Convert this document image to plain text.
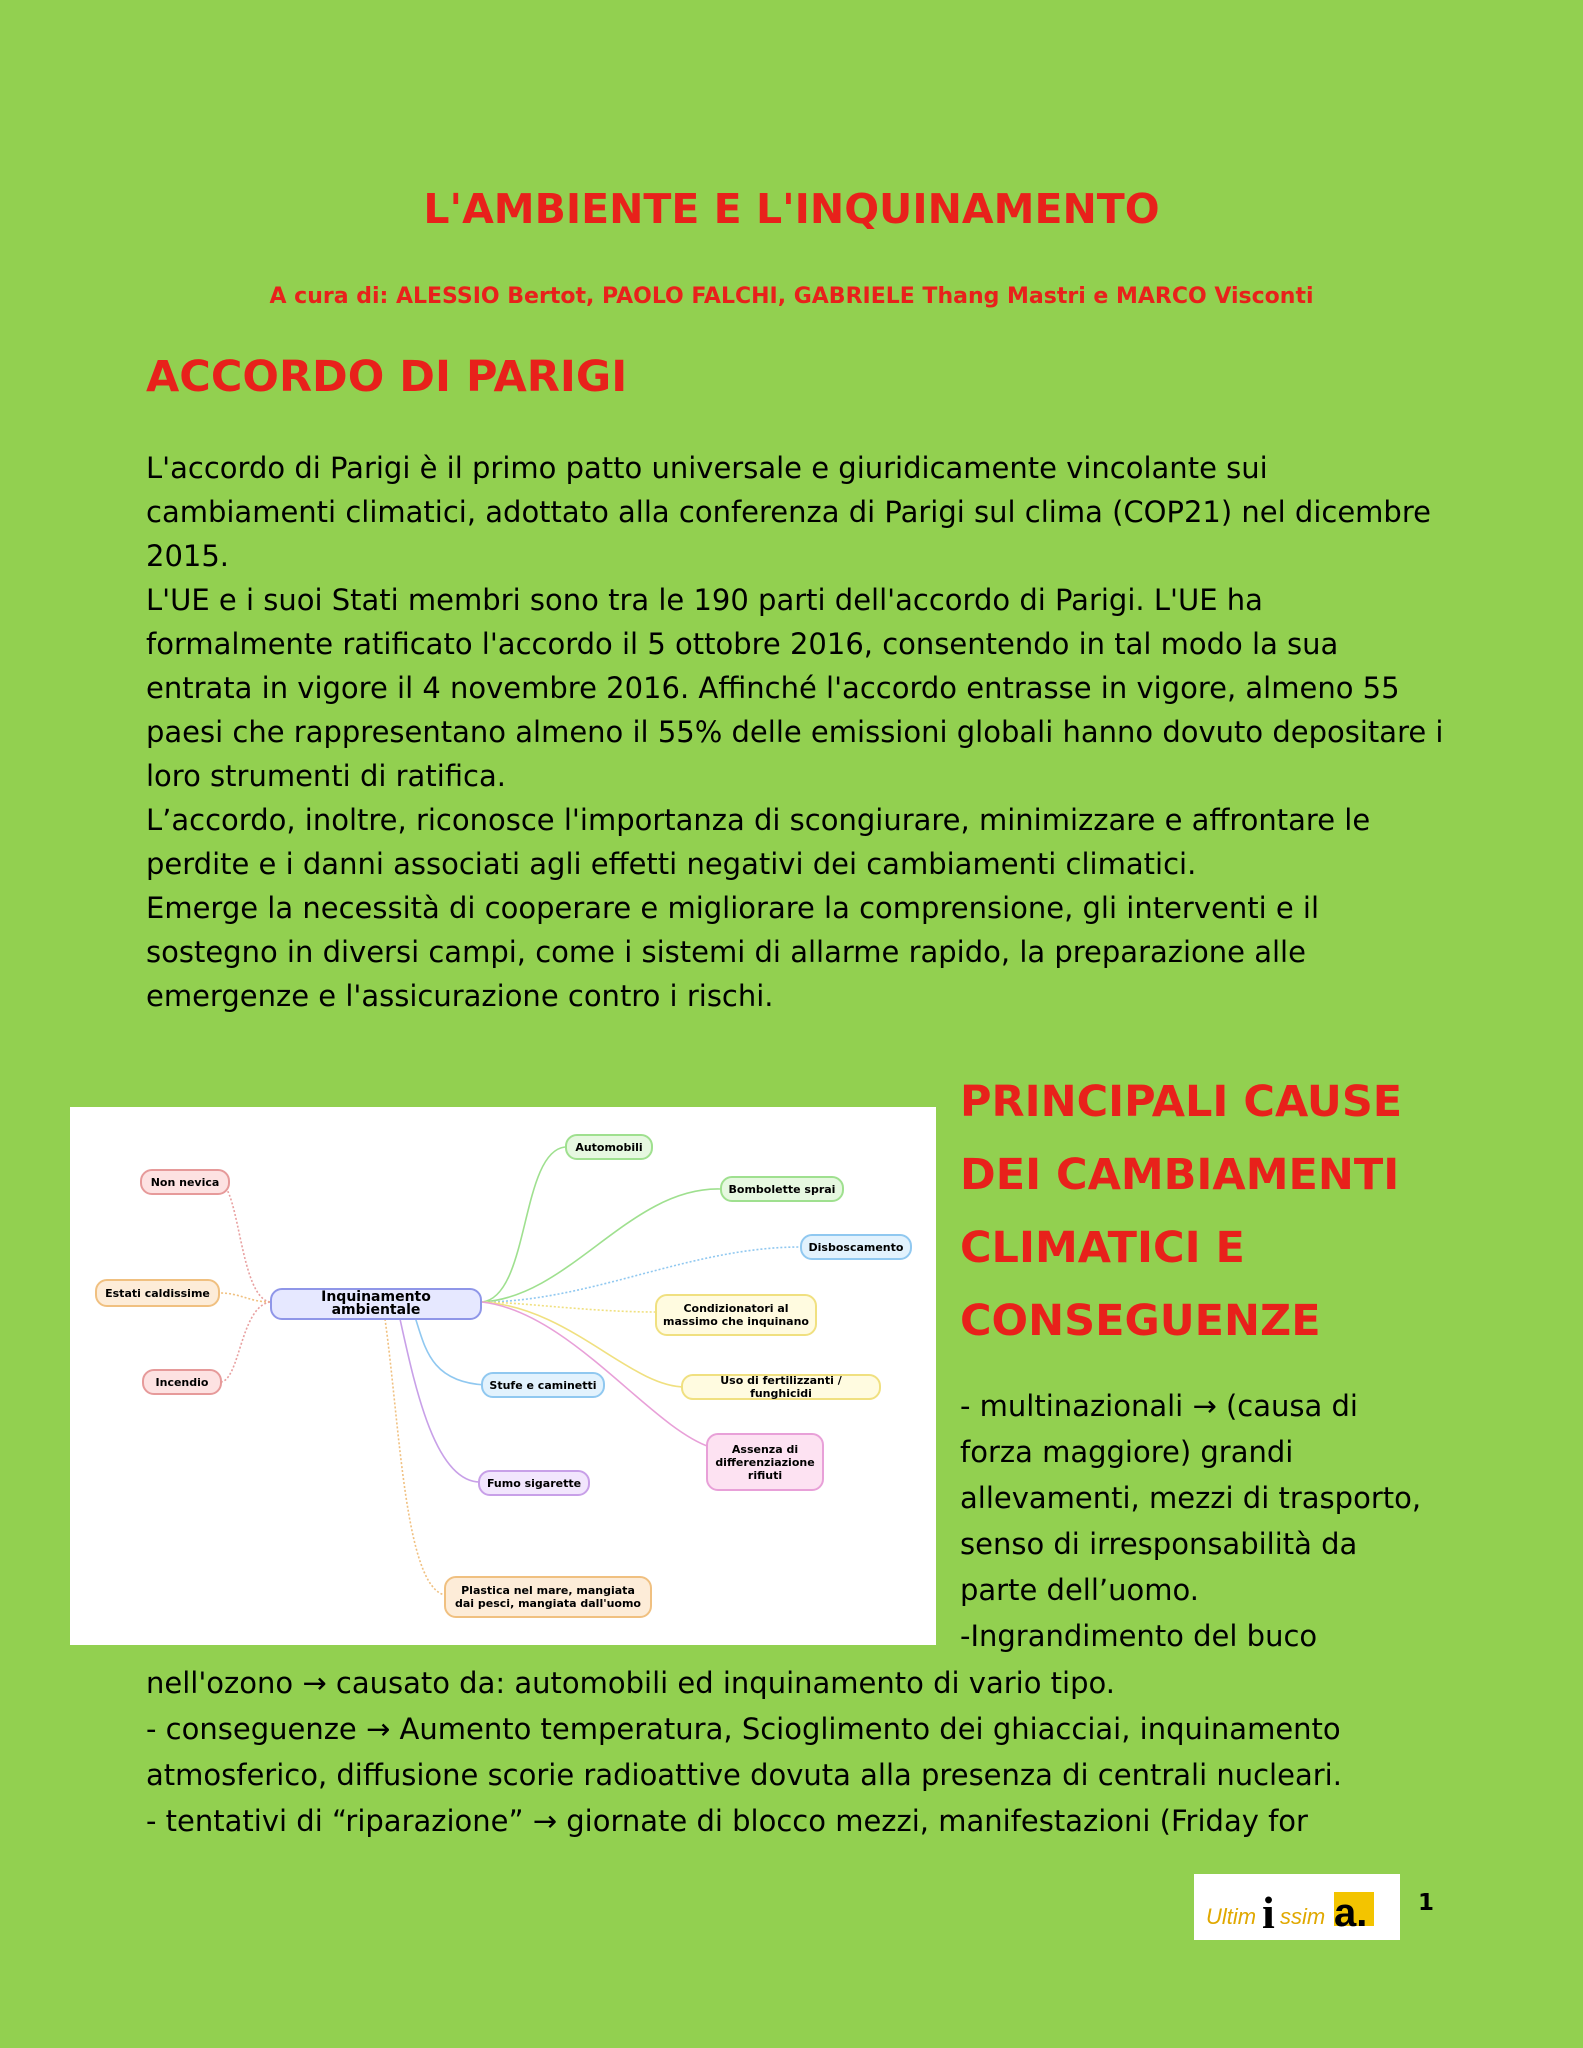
L'AMBIENTE E L'INQUINAMENTO
A cura di: ALESSIO Bertot, PAOLO FALCHI, GABRIELE Thang Mastri e MARCO Visconti
ACCORDO DI PARIGI

L'accordo di Parigi è il primo patto universale e giuridicamente vincolante sui cambiamenti climatici, adottato alla conferenza di Parigi sul clima (COP21) nel dicembre 2015.

L'UE e i suoi Stati membri sono tra le 190 parti dell'accordo di Parigi. L'UE ha formalmente ratificato l'accordo il 5 ottobre 2016, consentendo in tal modo la sua entrata in vigore il 4 novembre 2016. Affinché l'accordo entrasse in vigore, almeno 55 paesi che rappresentano almeno il 55% delle emissioni globali hanno dovuto depositare i loro strumenti di ratifica.

L’accordo, inoltre, riconosce l'importanza di scongiurare, minimizzare e affrontare le perdite e i danni associati agli effetti negativi dei cambiamenti climatici.

Emerge la necessità di cooperare e migliorare la comprensione, gli interventi e il sostegno in diversi campi, come i sistemi di allarme rapido, la preparazione alle emergenze e l'assicurazione contro i rischi.

Inquinamento ambientale
Non nevica
Estati caldissime
Incendio
Automobili
Bombolette sprai
Disboscamento
Condizionatori al massimo che inquinano
Uso di fertilizzanti / funghicidi
Assenza di differenziazione rifiuti
Stufe e caminetti
Fumo sigarette
Plastica nel mare, mangiata dai pesci, mangiata dall'uomo
PRINCIPALI CAUSE
DEI CAMBIAMENTI
CLIMATICI E
CONSEGUENZE
- multinazionali → (causa di
forza maggiore) grandi
allevamenti, mezzi di trasporto,
senso di irresponsabilità da
parte dell’uomo.
-Ingrandimento del buco
nell'ozono → causato da: automobili ed inquinamento di vario tipo.
- conseguenze → Aumento temperatura, Scioglimento dei ghiacciai, inquinamento
atmosferico, diffusione scorie radioattive dovuta alla presenza di centrali nucleari.
- tentativi di “riparazione” → giornate di blocco mezzi, manifestazioni (Friday for
Ultim i ssim a. 1
